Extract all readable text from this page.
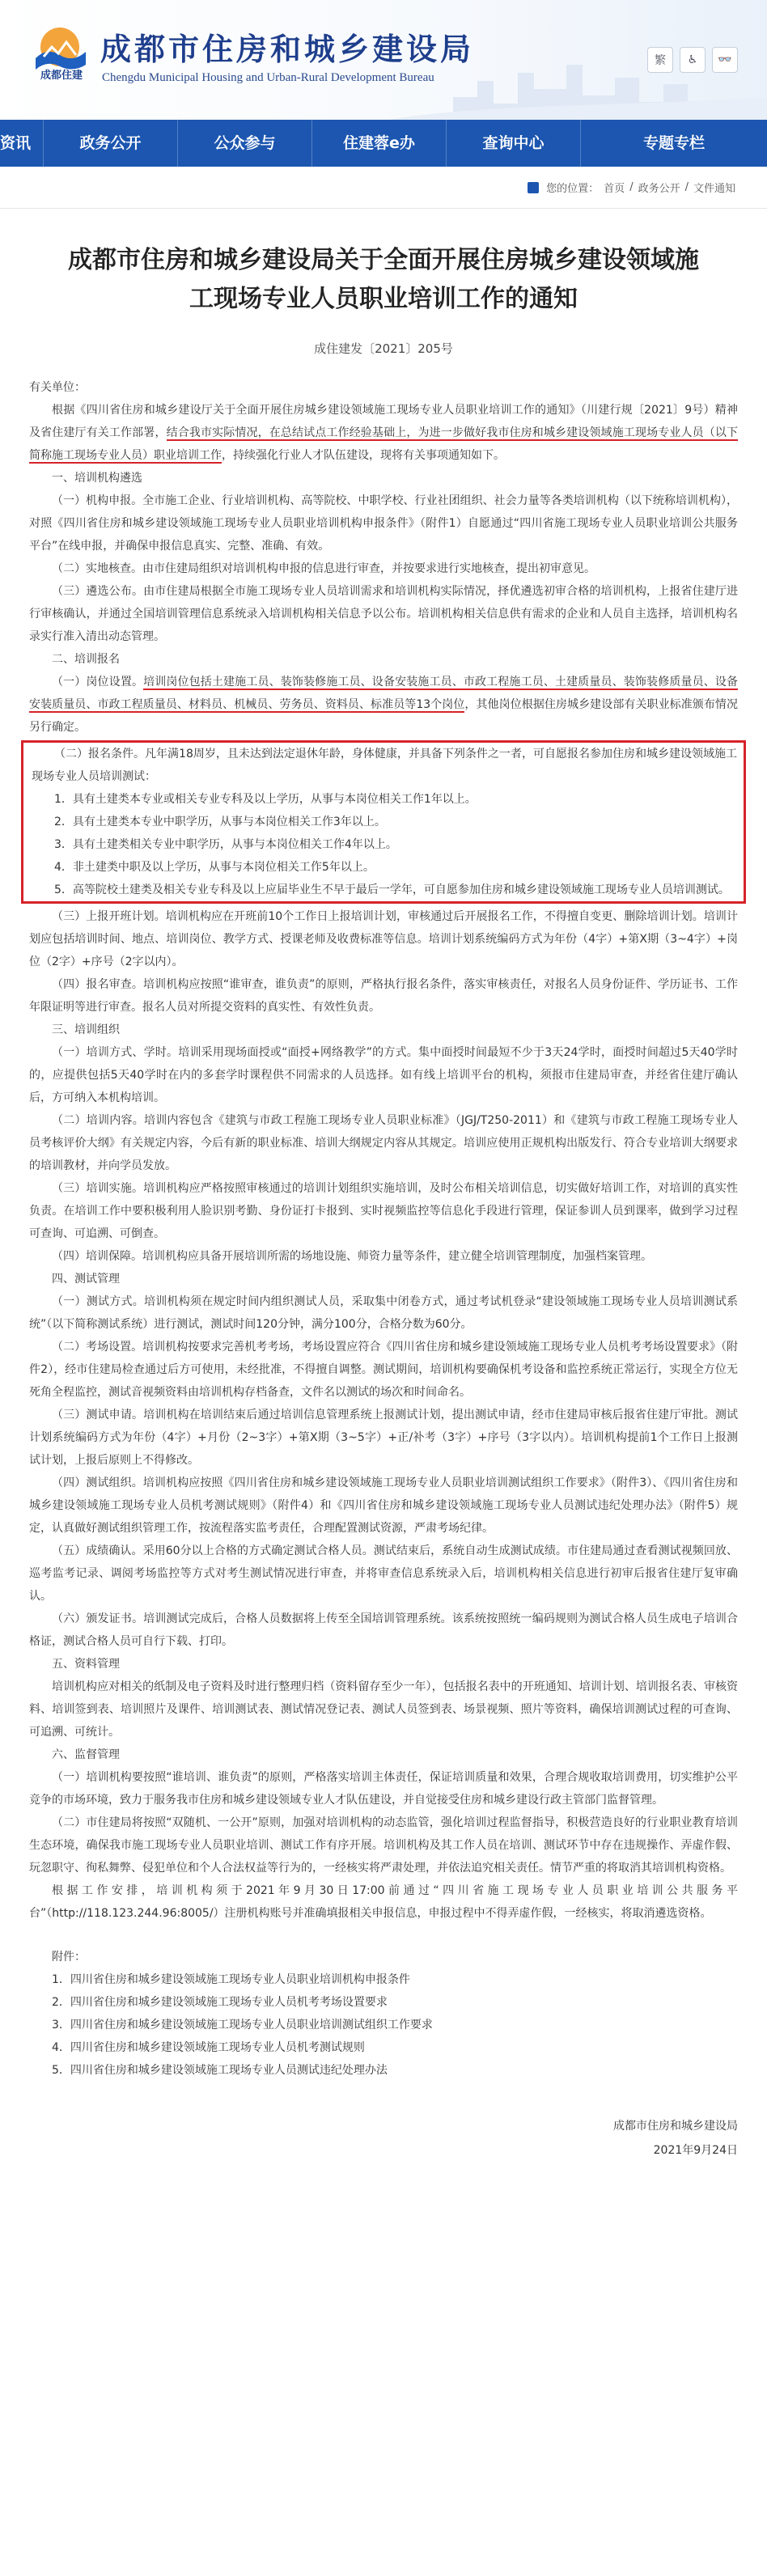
成都住建
成都市住房和城乡建设局
Chengdu Municipal Housing and Urban-Rural Development Bureau
繁	♿	👓
资讯	政务公开	公众参与	住建蓉e办	查询中心	专题专栏
您的位置： 首页 / 政务公开 / 文件通知
成都市住房和城乡建设局关于全面开展住房城乡建设领域施工现场专业人员职业培训工作的通知
成住建发〔2021〕205号

有关单位：

根据《四川省住房和城乡建设厅关于全面开展住房城乡建设领域施工现场专业人员职业培训工作的通知》（川建行规〔2021〕9号）精神及省住建厅有关工作部署，结合我市实际情况，在总结试点工作经验基础上，为进一步做好我市住房和城乡建设领域施工现场专业人员（以下简称施工现场专业人员）职业培训工作，持续强化行业人才队伍建设，现将有关事项通知如下。

一、培训机构遴选

（一）机构申报。全市施工企业、行业培训机构、高等院校、中职学校、行业社团组织、社会力量等各类培训机构（以下统称培训机构），对照《四川省住房和城乡建设领域施工现场专业人员职业培训机构申报条件》（附件1）自愿通过“四川省施工现场专业人员职业培训公共服务平台”在线申报，并确保申报信息真实、完整、准确、有效。

（二）实地核查。由市住建局组织对培训机构申报的信息进行审查，并按要求进行实地核查，提出初审意见。

（三）遴选公布。由市住建局根据全市施工现场专业人员培训需求和培训机构实际情况，择优遴选初审合格的培训机构，上报省住建厅进行审核确认，并通过全国培训管理信息系统录入培训机构相关信息予以公布。培训机构相关信息供有需求的企业和人员自主选择，培训机构名录实行准入清出动态管理。

二、培训报名

（一）岗位设置。培训岗位包括土建施工员、装饰装修施工员、设备安装施工员、市政工程施工员、土建质量员、装饰装修质量员、设备安装质量员、市政工程质量员、材料员、机械员、劳务员、资料员、标准员等13个岗位，其他岗位根据住房城乡建设部有关职业标准颁布情况另行确定。

（二）报名条件。凡年满18周岁，且未达到法定退休年龄，身体健康，并具备下列条件之一者，可自愿报名参加住房和城乡建设领域施工现场专业人员培训测试：

1．具有土建类本专业或相关专业专科及以上学历，从事与本岗位相关工作1年以上。

2．具有土建类本专业中职学历，从事与本岗位相关工作3年以上。

3．具有土建类相关专业中职学历，从事与本岗位相关工作4年以上。

4．非土建类中职及以上学历，从事与本岗位相关工作5年以上。

5．高等院校土建类及相关专业专科及以上应届毕业生不早于最后一学年，可自愿参加住房和城乡建设领域施工现场专业人员培训测试。

（三）上报开班计划。培训机构应在开班前10个工作日上报培训计划，审核通过后开展报名工作，不得擅自变更、删除培训计划。培训计划应包括培训时间、地点、培训岗位、教学方式、授课老师及收费标准等信息。培训计划系统编码方式为年份（4字）+第X期（3~4字）+岗位（2字）+序号（2字以内）。

（四）报名审查。培训机构应按照“谁审查，谁负责”的原则，严格执行报名条件，落实审核责任，对报名人员身份证件、学历证书、工作年限证明等进行审查。报名人员对所提交资料的真实性、有效性负责。

三、培训组织

（一）培训方式、学时。培训采用现场面授或“面授+网络教学”的方式。集中面授时间最短不少于3天24学时，面授时间超过5天40学时的，应提供包括5天40学时在内的多套学时课程供不同需求的人员选择。如有线上培训平台的机构，须报市住建局审查，并经省住建厅确认后，方可纳入本机构培训。

（二）培训内容。培训内容包含《建筑与市政工程施工现场专业人员职业标准》（JGJ/T250-2011）和《建筑与市政工程施工现场专业人员考核评价大纲》有关规定内容，今后有新的职业标准、培训大纲规定内容从其规定。培训应使用正规机构出版发行、符合专业培训大纲要求的培训教材，并向学员发放。

（三）培训实施。培训机构应严格按照审核通过的培训计划组织实施培训，及时公布相关培训信息，切实做好培训工作，对培训的真实性负责。在培训工作中要积极利用人脸识别考勤、身份证打卡报到、实时视频监控等信息化手段进行管理，保证参训人员到课率，做到学习过程可查询、可追溯、可倒查。

（四）培训保障。培训机构应具备开展培训所需的场地设施、师资力量等条件，建立健全培训管理制度，加强档案管理。

四、测试管理

（一）测试方式。培训机构须在规定时间内组织测试人员，采取集中闭卷方式，通过考试机登录“建设领域施工现场专业人员培训测试系统”（以下简称测试系统）进行测试，测试时间120分钟，满分100分，合格分数为60分。

（二）考场设置。培训机构按要求完善机考考场，考场设置应符合《四川省住房和城乡建设领域施工现场专业人员机考考场设置要求》（附件2），经市住建局检查通过后方可使用，未经批准，不得擅自调整。测试期间，培训机构要确保机考设备和监控系统正常运行，实现全方位无死角全程监控，测试音视频资料由培训机构存档备查，文件名以测试的场次和时间命名。

（三）测试申请。培训机构在培训结束后通过培训信息管理系统上报测试计划，提出测试申请，经市住建局审核后报省住建厅审批。测试计划系统编码方式为年份（4字）+月份（2~3字）+第X期（3~5字）+正/补考（3字）+序号（3字以内）。培训机构提前1个工作日上报测试计划，上报后原则上不得修改。

（四）测试组织。培训机构应按照《四川省住房和城乡建设领域施工现场专业人员职业培训测试组织工作要求》（附件3）、《四川省住房和城乡建设领域施工现场专业人员机考测试规则》（附件4）和《四川省住房和城乡建设领域施工现场专业人员测试违纪处理办法》（附件5）规定，认真做好测试组织管理工作，按流程落实监考责任，合理配置测试资源，严肃考场纪律。

（五）成绩确认。采用60分以上合格的方式确定测试合格人员。测试结束后，系统自动生成测试成绩。市住建局通过查看测试视频回放、巡考监考记录、调阅考场监控等方式对考生测试情况进行审查，并将审查信息系统录入后，培训机构相关信息进行初审后报省住建厅复审确认。

（六）颁发证书。培训测试完成后，合格人员数据将上传至全国培训管理系统。该系统按照统一编码规则为测试合格人员生成电子培训合格证，测试合格人员可自行下载、打印。

五、资料管理

培训机构应对相关的纸制及电子资料及时进行整理归档（资料留存至少一年），包括报名表中的开班通知、培训计划、培训报名表、审核资料、培训签到表、培训照片及课件、培训测试表、测试情况登记表、测试人员签到表、场景视频、照片等资料，确保培训测试过程的可查询、可追溯、可统计。

六、监督管理

（一）培训机构要按照“谁培训、谁负责”的原则，严格落实培训主体责任，保证培训质量和效果，合理合规收取培训费用，切实维护公平竞争的市场环境，致力于服务我市住房和城乡建设领域专业人才队伍建设，并自觉接受住房和城乡建设行政主管部门监督管理。

（二）市住建局将按照“双随机、一公开”原则，加强对培训机构的动态监管，强化培训过程监督指导，积极营造良好的行业职业教育培训生态环境，确保我市施工现场专业人员职业培训、测试工作有序开展。培训机构及其工作人员在培训、测试环节中存在违规操作、弄虚作假、玩忽职守、徇私舞弊、侵犯单位和个人合法权益等行为的，一经核实将严肃处理，并依法追究相关责任。情节严重的将取消其培训机构资格。

根据工作安排，培训机构须于2021年9月30日17:00前通过“四川省施工现场专业人员职业培训公共服务平台”（http://118.123.244.96:8005/）注册机构账号并准确填报相关申报信息，申报过程中不得弄虚作假，一经核实，将取消遴选资格。

附件：

1．四川省住房和城乡建设领域施工现场专业人员职业培训机构申报条件

2．四川省住房和城乡建设领域施工现场专业人员机考考场设置要求

3．四川省住房和城乡建设领域施工现场专业人员职业培训测试组织工作要求

4．四川省住房和城乡建设领域施工现场专业人员机考测试规则

5．四川省住房和城乡建设领域施工现场专业人员测试违纪处理办法

成都市住房和城乡建设局
2021年9月24日
